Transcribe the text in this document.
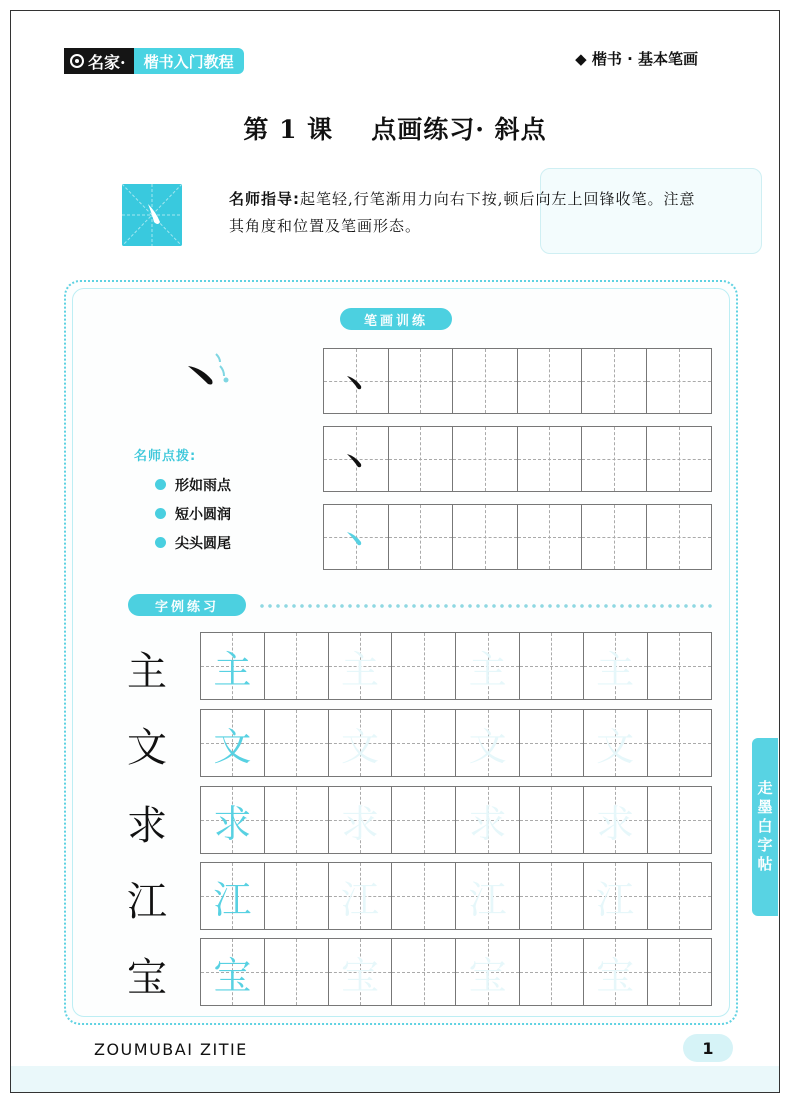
名家·	楷书入门教程	◆ 楷书 · 基本笔画
第 1 课 点画练习· 斜点
名师指导:起笔轻,行笔渐用力向右下按,顿后向左上回锋收笔。注意其角度和位置及笔画形态。
笔画训练
名师点拨:
形如雨点
短小圆润
尖头圆尾
字例练习
主 主 主 主 主
文 文 文 文 文
求 求 求 求 求
江 江 江 江 江
宝 宝 宝 宝 宝
走墨白字帖
ZOUMUBAI ZITIE	1
